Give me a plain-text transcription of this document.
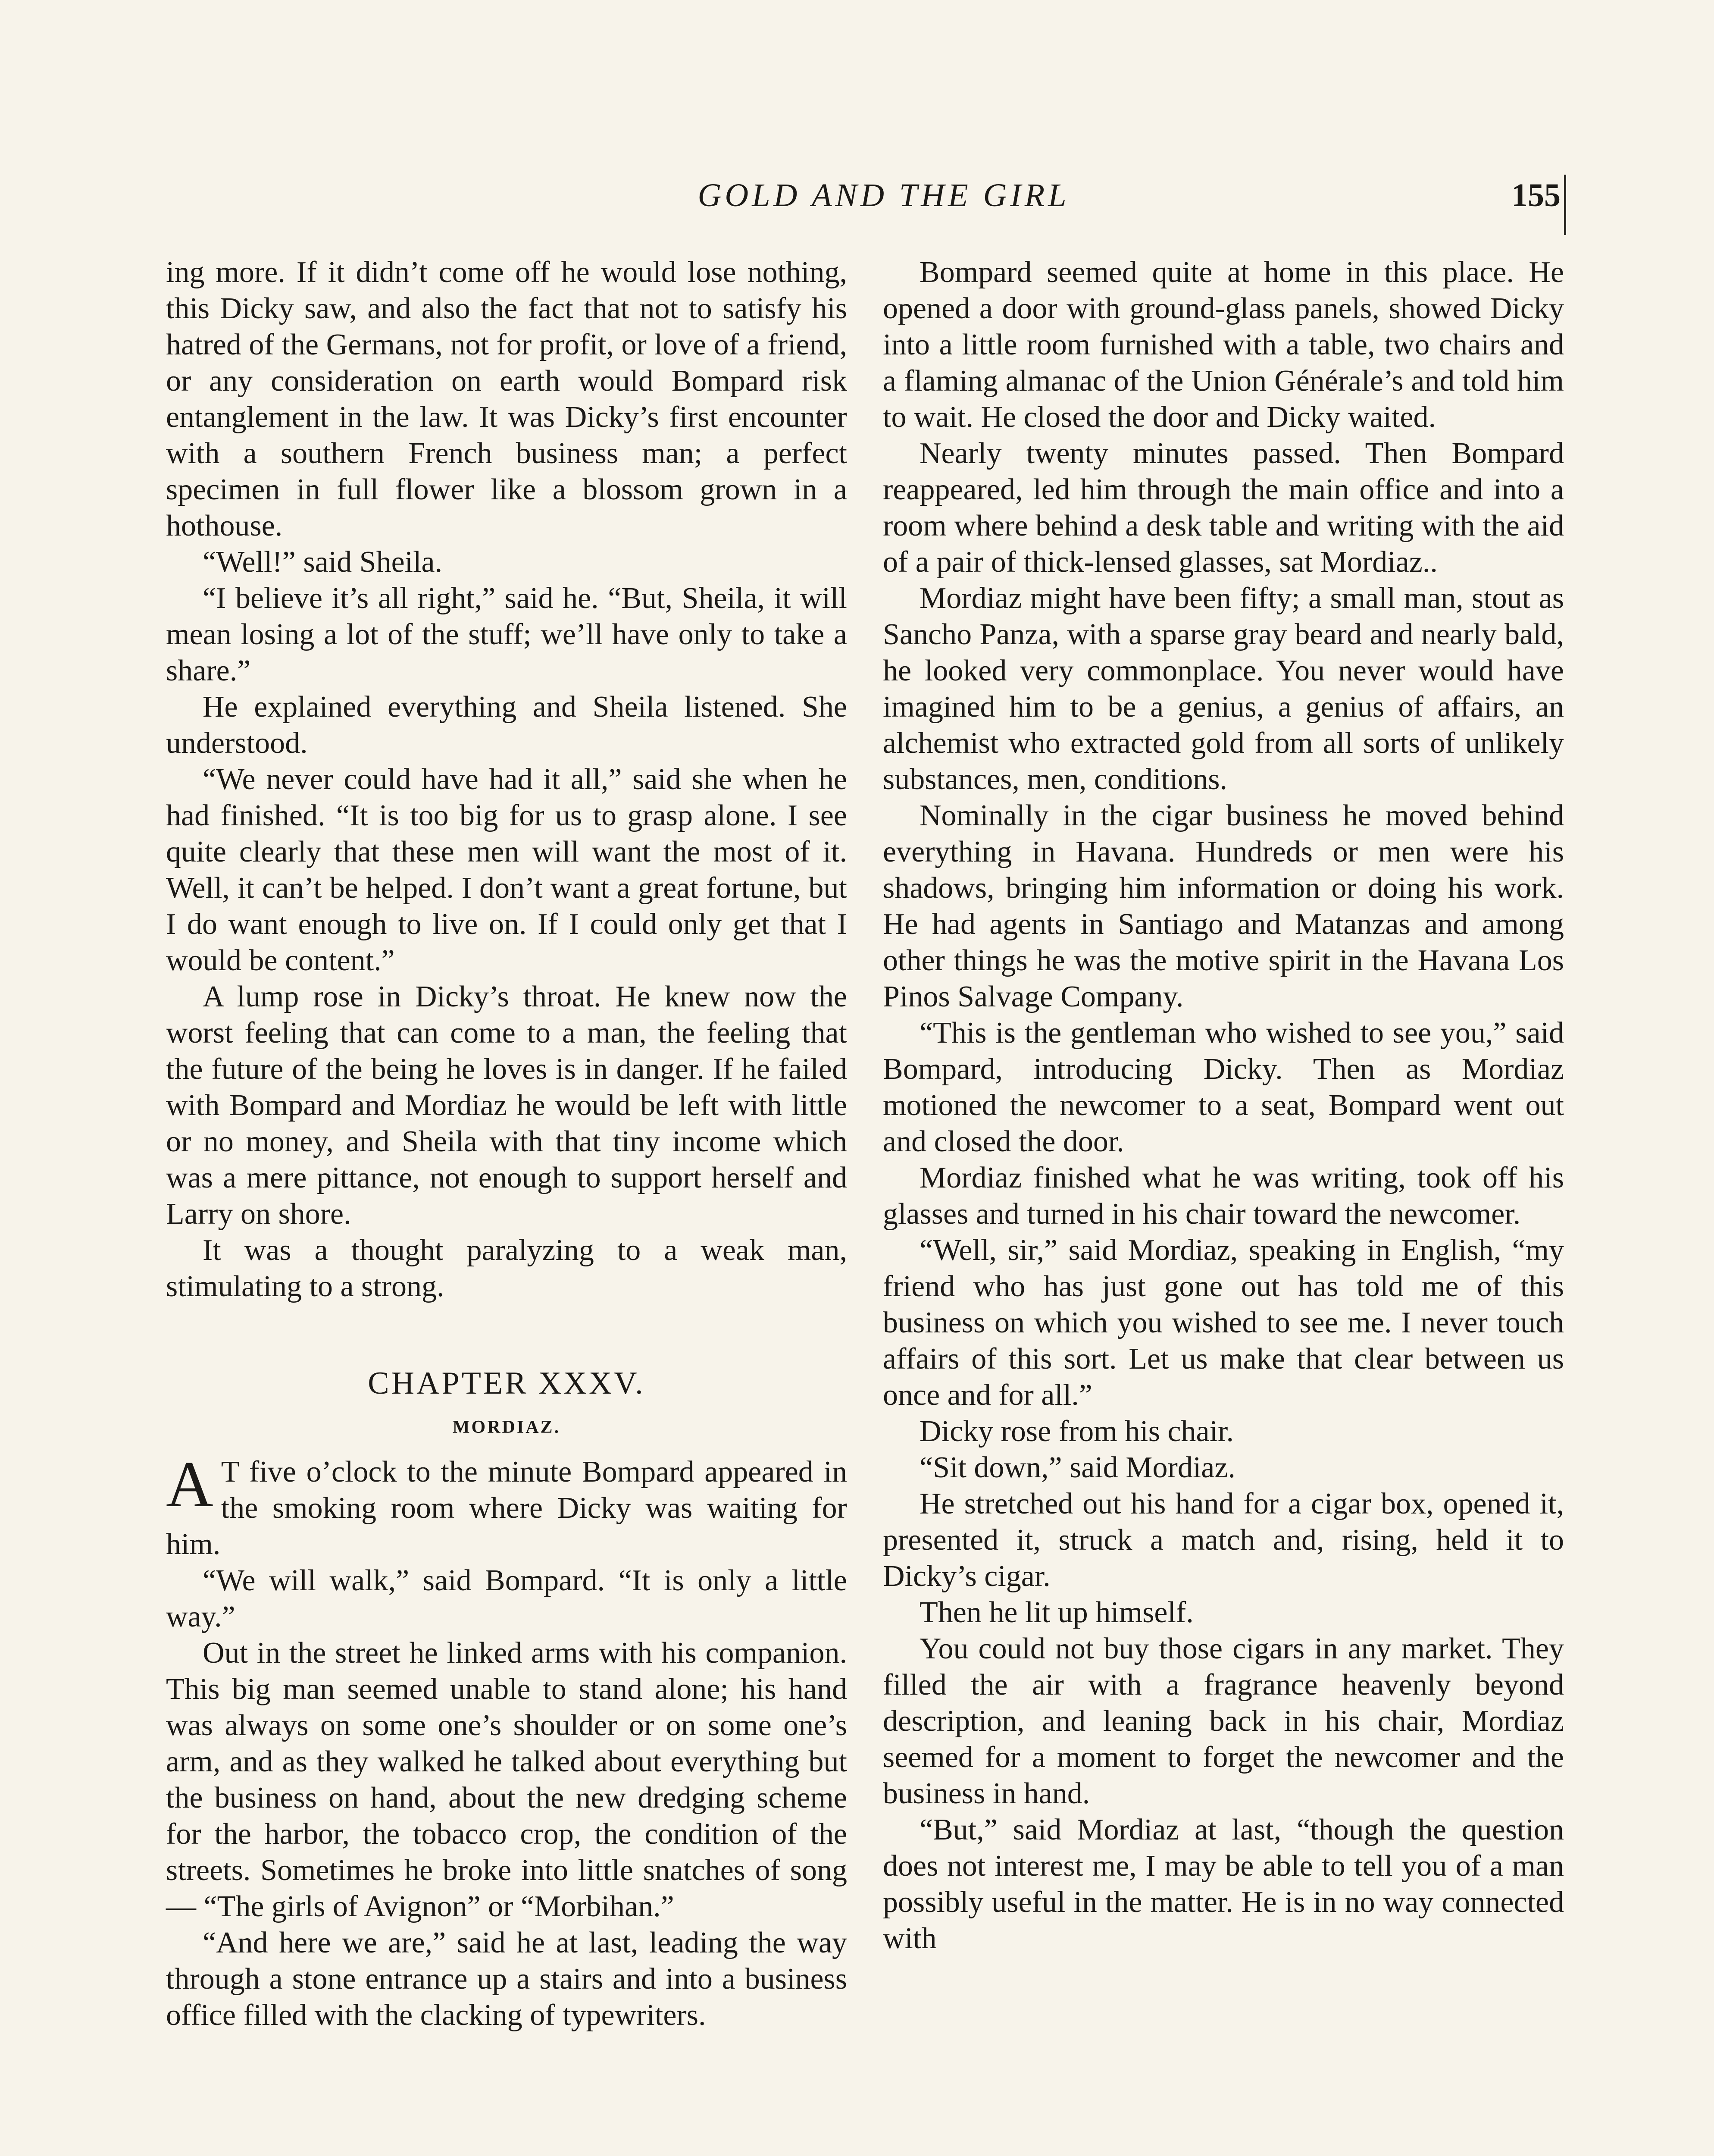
GOLD AND THE GIRL	155

ing more. If it didn’t come off he would lose nothing, this Dicky saw, and also the fact that not to satisfy his hatred of the Germans, not for profit, or love of a friend, or any consideration on earth would Bompard risk entanglement in the law. It was Dicky’s first encounter with a southern French business man; a perfect specimen in full flower like a blossom grown in a hothouse.

“Well!” said Sheila.

“I believe it’s all right,” said he. “But, Sheila, it will mean losing a lot of the stuff; we’ll have only to take a share.”

He explained everything and Sheila listened. She understood.

“We never could have had it all,” said she when he had finished. “It is too big for us to grasp alone. I see quite clearly that these men will want the most of it. Well, it can’t be helped. I don’t want a great fortune, but I do want enough to live on. If I could only get that I would be content.”

A lump rose in Dicky’s throat. He knew now the worst feeling that can come to a man, the feeling that the future of the being he loves is in danger. If he failed with Bompard and Mordiaz he would be left with little or no money, and Sheila with that tiny income which was a mere pittance, not enough to support herself and Larry on shore.

It was a thought paralyzing to a weak man, stimulating to a strong.

CHAPTER XXXV.
MORDIAZ.

A T five o’clock to the minute Bompard appeared in the smoking room where Dicky was waiting for him.

“We will walk,” said Bompard. “It is only a little way.”

Out in the street he linked arms with his companion. This big man seemed unable to stand alone; his hand was always on some one’s shoulder or on some one’s arm, and as they walked he talked about everything but the business on hand, about the new dredging scheme for the harbor, the tobacco crop, the condition of the streets. Sometimes he broke into little snatches of song— “The girls of Avignon” or “Morbihan.”

“And here we are,” said he at last, leading the way through a stone entrance up a stairs and into a business office filled with the clacking of typewriters.

Bompard seemed quite at home in this place. He opened a door with ground-glass panels, showed Dicky into a little room furnished with a table, two chairs and a flaming almanac of the Union Générale’s and told him to wait. He closed the door and Dicky waited.

Nearly twenty minutes passed. Then Bompard reappeared, led him through the main office and into a room where behind a desk table and writing with the aid of a pair of thick-lensed glasses, sat Mordiaz..

Mordiaz might have been fifty; a small man, stout as Sancho Panza, with a sparse gray beard and nearly bald, he looked very commonplace. You never would have imagined him to be a genius, a genius of affairs, an alchemist who extracted gold from all sorts of unlikely substances, men, conditions.

Nominally in the cigar business he moved behind everything in Havana. Hundreds or men were his shadows, bringing him information or doing his work. He had agents in Santiago and Matanzas and among other things he was the motive spirit in the Havana Los Pinos Salvage Company.

“This is the gentleman who wished to see you,” said Bompard, introducing Dicky. Then as Mordiaz motioned the newcomer to a seat, Bompard went out and closed the door.

Mordiaz finished what he was writing, took off his glasses and turned in his chair toward the newcomer.

“Well, sir,” said Mordiaz, speaking in English, “my friend who has just gone out has told me of this business on which you wished to see me. I never touch affairs of this sort. Let us make that clear between us once and for all.”

Dicky rose from his chair.

“Sit down,” said Mordiaz.

He stretched out his hand for a cigar box, opened it, presented it, struck a match and, rising, held it to Dicky’s cigar.

Then he lit up himself.

You could not buy those cigars in any market. They filled the air with a fragrance heavenly beyond description, and leaning back in his chair, Mordiaz seemed for a moment to forget the newcomer and the business in hand.

“But,” said Mordiaz at last, “though the question does not interest me, I may be able to tell you of a man possibly useful in the matter. He is in no way connected with
